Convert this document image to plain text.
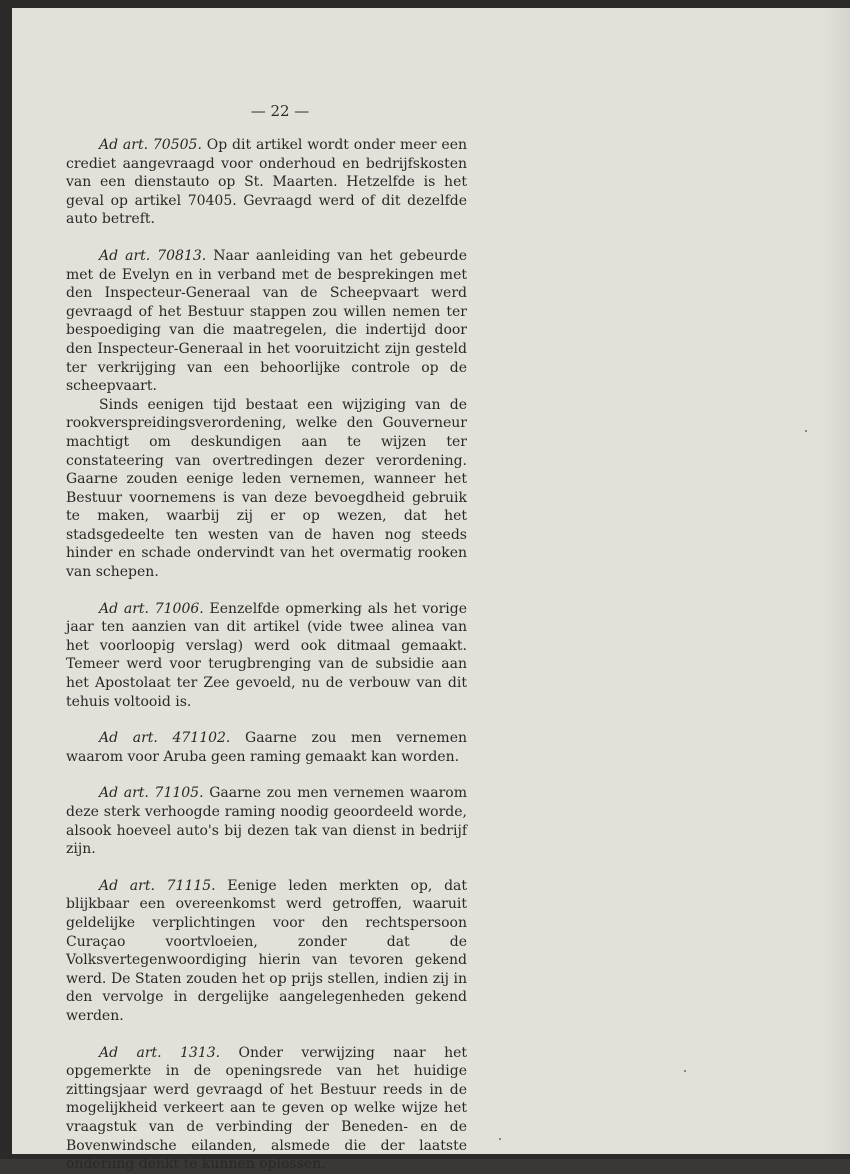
— 22 —

Ad art. 70505. Op dit artikel wordt onder meer een crediet aangevraagd voor onderhoud en bedrijfskosten van een dienstauto op St. Maarten. Hetzelfde is het geval op artikel 70405. Gevraagd werd of dit dezelfde auto betreft.

Ad art. 70813. Naar aanleiding van het gebeurde met de Evelyn en in verband met de besprekingen met den Inspecteur-Generaal van de Scheepvaart werd gevraagd of het Bestuur stappen zou willen nemen ter bespoediging van die maatregelen, die indertijd door den Inspecteur-Generaal in het vooruitzicht zijn gesteld ter verkrijging van een behoorlijke controle op de scheepvaart.

Sinds eenigen tijd bestaat een wijziging van de rookverspreidingsverordening, welke den Gouverneur machtigt om deskundigen aan te wijzen ter constateering van overtredingen dezer verordening. Gaarne zouden eenige leden vernemen, wanneer het Bestuur voornemens is van deze bevoegdheid gebruik te maken, waarbij zij er op wezen, dat het stadsgedeelte ten westen van de haven nog steeds hinder en schade ondervindt van het overmatig rooken van schepen.

Ad art. 71006. Eenzelfde opmerking als het vorige jaar ten aanzien van dit artikel (vide twee alinea van het voorloopig verslag) werd ook ditmaal gemaakt. Temeer werd voor terugbrenging van de subsidie aan het Apostolaat ter Zee gevoeld, nu de verbouw van dit tehuis voltooid is.

Ad art. 471102. Gaarne zou men vernemen waarom voor Aruba geen raming gemaakt kan worden.

Ad art. 71105. Gaarne zou men vernemen waarom deze sterk verhoogde raming noodig geoordeeld worde, alsook hoeveel auto's bij dezen tak van dienst in bedrijf zijn.

Ad art. 71115. Eenige leden merkten op, dat blijkbaar een overeenkomst werd getroffen, waaruit geldelijke verplichtingen voor den rechtspersoon Curaçao voortvloeien, zonder dat de Volksvertegenwoordiging hierin van tevoren gekend werd. De Staten zouden het op prijs stellen, indien zij in den vervolge in dergelijke aangelegenheden gekend werden.

Ad art. 1313. Onder verwijzing naar het opgemerkte in de openingsrede van het huidige zittingsjaar werd gevraagd of het Bestuur reeds in de mogelijkheid verkeert aan te geven op welke wijze het vraagstuk van de verbinding der Beneden- en de Bovenwindsche eilanden, alsmede die der laatste onderling denkt te kunnen oplossen.
